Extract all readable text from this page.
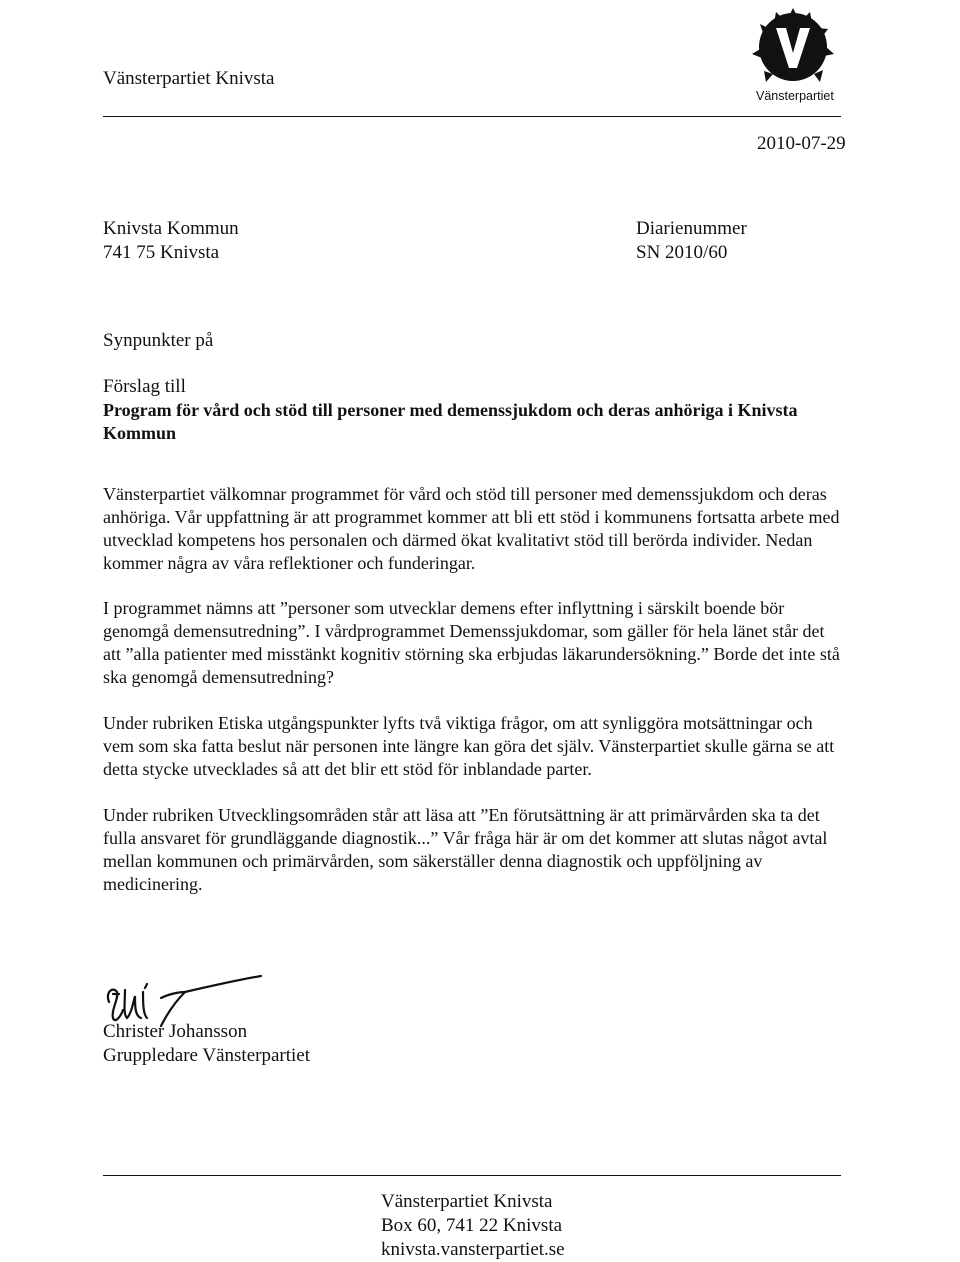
Vänsterpartiet Knivsta
Vänsterpartiet
2010-07-29
Knivsta Kommun
741 75 Knivsta
Diarienummer
SN 2010/60
Synpunkter på
Förslag till
Program för vård och stöd till personer med demenssjukdom och deras anhöriga i Knivsta Kommun

Vänsterpartiet välkomnar programmet för vård och stöd till personer med demenssjukdom och deras anhöriga. Vår uppfattning är att programmet kommer att bli ett stöd i kommunens fortsatta arbete med utvecklad kompetens hos personalen och därmed ökat kvalitativt stöd till berörda individer. Nedan kommer några av våra reflektioner och funderingar.

I programmet nämns att ”personer som utvecklar demens efter inflyttning i särskilt boende bör genomgå demensutredning”. I vårdprogrammet Demenssjukdomar, som gäller för hela länet står det att ”alla patienter med misstänkt kognitiv störning ska erbjudas läkarundersökning.” Borde det inte stå ska genomgå demensutredning?

Under rubriken Etiska utgångspunkter lyfts två viktiga frågor, om att synliggöra motsättningar och vem som ska fatta beslut när personen inte längre kan göra det själv. Vänsterpartiet skulle gärna se att detta stycke utvecklades så att det blir ett stöd för inblandade parter.

Under rubriken Utvecklingsområden står att läsa att ”En förutsättning är att primärvården ska ta det fulla ansvaret för grundläggande diagnostik...” Vår fråga här är om det kommer att slutas något avtal mellan kommunen och primärvården, som säkerställer denna diagnostik och uppföljning av medicinering.

Christer Johansson
Gruppledare Vänsterpartiet
Vänsterpartiet Knivsta
Box 60, 741 22 Knivsta
knivsta.vansterpartiet.se
